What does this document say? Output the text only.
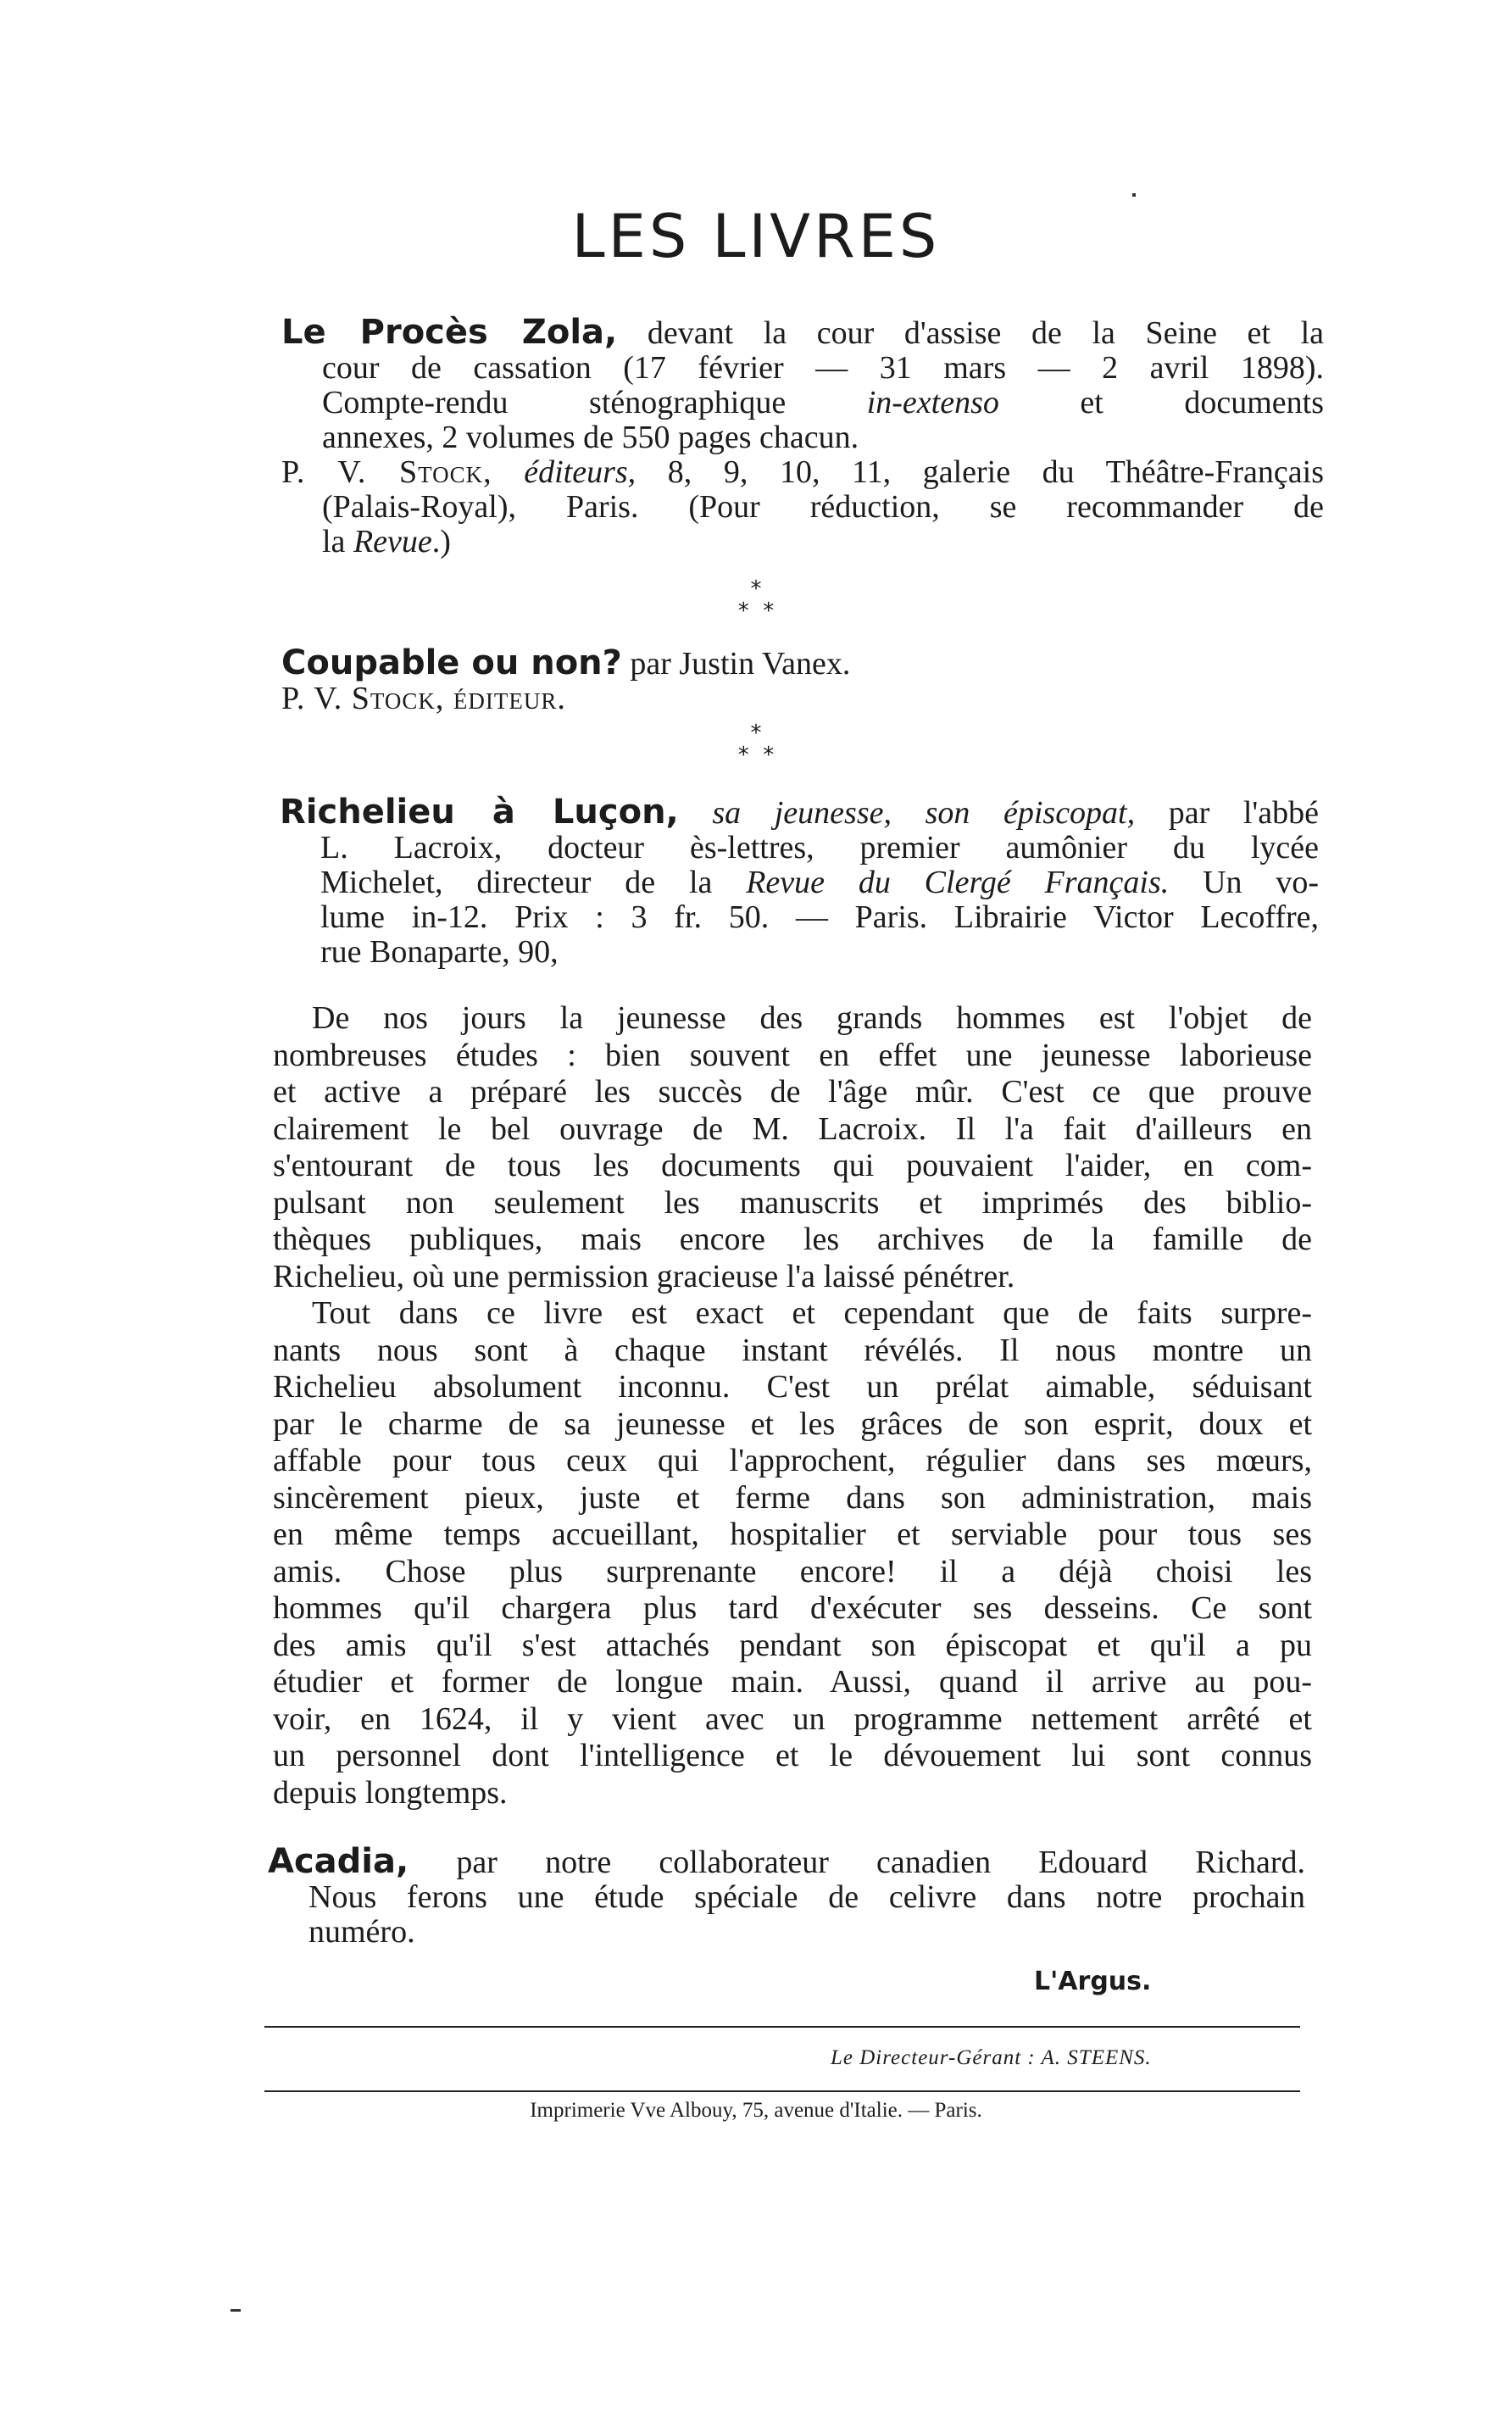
LES LIVRES
Le Procès Zola, devant la cour d'assise de la Seine et la
cour de cassation (17 février — 31 mars — 2 avril 1898).
Compte-rendu sténographique in-extenso et documents
annexes, 2 volumes de 550 pages chacun.
P. V. Stock, éditeurs, 8, 9, 10, 11, galerie du Théâtre-Français
(Palais-Royal), Paris. (Pour réduction, se recommander de
la Revue.)
*
*  *
Coupable ou non? par Justin Vanex.
P. V. Stock, éditeur.
*
*  *
Richelieu à Luçon, sa jeunesse, son épiscopat, par l'abbé
L. Lacroix, docteur ès-lettres, premier aumônier du lycée
Michelet, directeur de la Revue du Clergé Français. Un vo-
lume in-12. Prix : 3 fr. 50. — Paris. Librairie Victor Lecoffre,
rue Bonaparte, 90,
De nos jours la jeunesse des grands hommes est l'objet de
nombreuses études : bien souvent en effet une jeunesse laborieuse
et active a préparé les succès de l'âge mûr. C'est ce que prouve
clairement le bel ouvrage de M. Lacroix. Il l'a fait d'ailleurs en
s'entourant de tous les documents qui pouvaient l'aider, en com-
pulsant non seulement les manuscrits et imprimés des biblio-
thèques publiques, mais encore les archives de la famille de
Richelieu, où une permission gracieuse l'a laissé pénétrer.
Tout dans ce livre est exact et cependant que de faits surpre-
nants nous sont à chaque instant révélés. Il nous montre un
Richelieu absolument inconnu. C'est un prélat aimable, séduisant
par le charme de sa jeunesse et les grâces de son esprit, doux et
affable pour tous ceux qui l'approchent, régulier dans ses mœurs,
sincèrement pieux, juste et ferme dans son administration, mais
en même temps accueillant, hospitalier et serviable pour tous ses
amis. Chose plus surprenante encore! il a déjà choisi les
hommes qu'il chargera plus tard d'exécuter ses desseins. Ce sont
des amis qu'il s'est attachés pendant son épiscopat et qu'il a pu
étudier et former de longue main. Aussi, quand il arrive au pou-
voir, en 1624, il y vient avec un programme nettement arrêté et
un personnel dont l'intelligence et le dévouement lui sont connus
depuis longtemps.
Acadia, par notre collaborateur canadien Edouard Richard.
Nous ferons une étude spéciale de celivre dans notre prochain
numéro.
L'Argus.
Le Directeur-Gérant : A. STEENS.
Imprimerie Vve Albouy, 75, avenue d'Italie. — Paris.
